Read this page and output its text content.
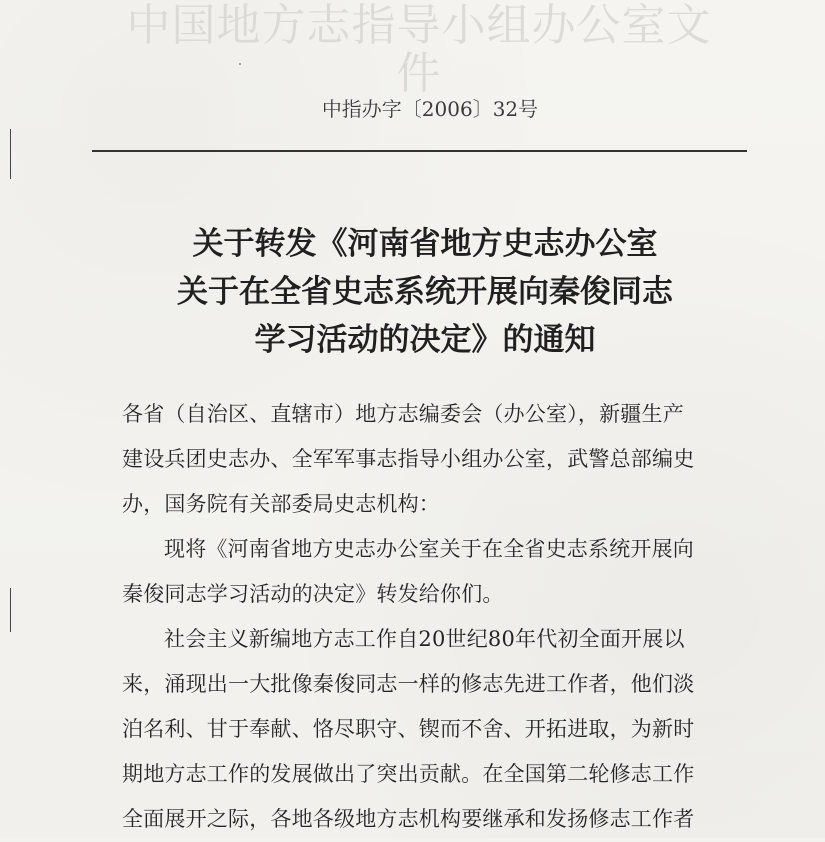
中国地方志指导小组办公室文件
中指办字〔2006〕32号
关于转发《河南省地方史志办公室
关于在全省史志系统开展向秦俊同志
学习活动的决定》的通知

各省（自治区、直辖市）地方志编委会（办公室），新疆生产
建设兵团史志办、全军军事志指导小组办公室，武警总部编史
办，国务院有关部委局史志机构：

现将《河南省地方史志办公室关于在全省史志系统开展向
秦俊同志学习活动的决定》转发给你们。

社会主义新编地方志工作自20世纪80年代初全面开展以
来，涌现出一大批像秦俊同志一样的修志先进工作者，他们淡
泊名利、甘于奉献、恪尽职守、锲而不舍、开拓进取，为新时
期地方志工作的发展做出了突出贡献。在全国第二轮修志工作
全面展开之际，各地各级地方志机构要继承和发扬修志工作者
